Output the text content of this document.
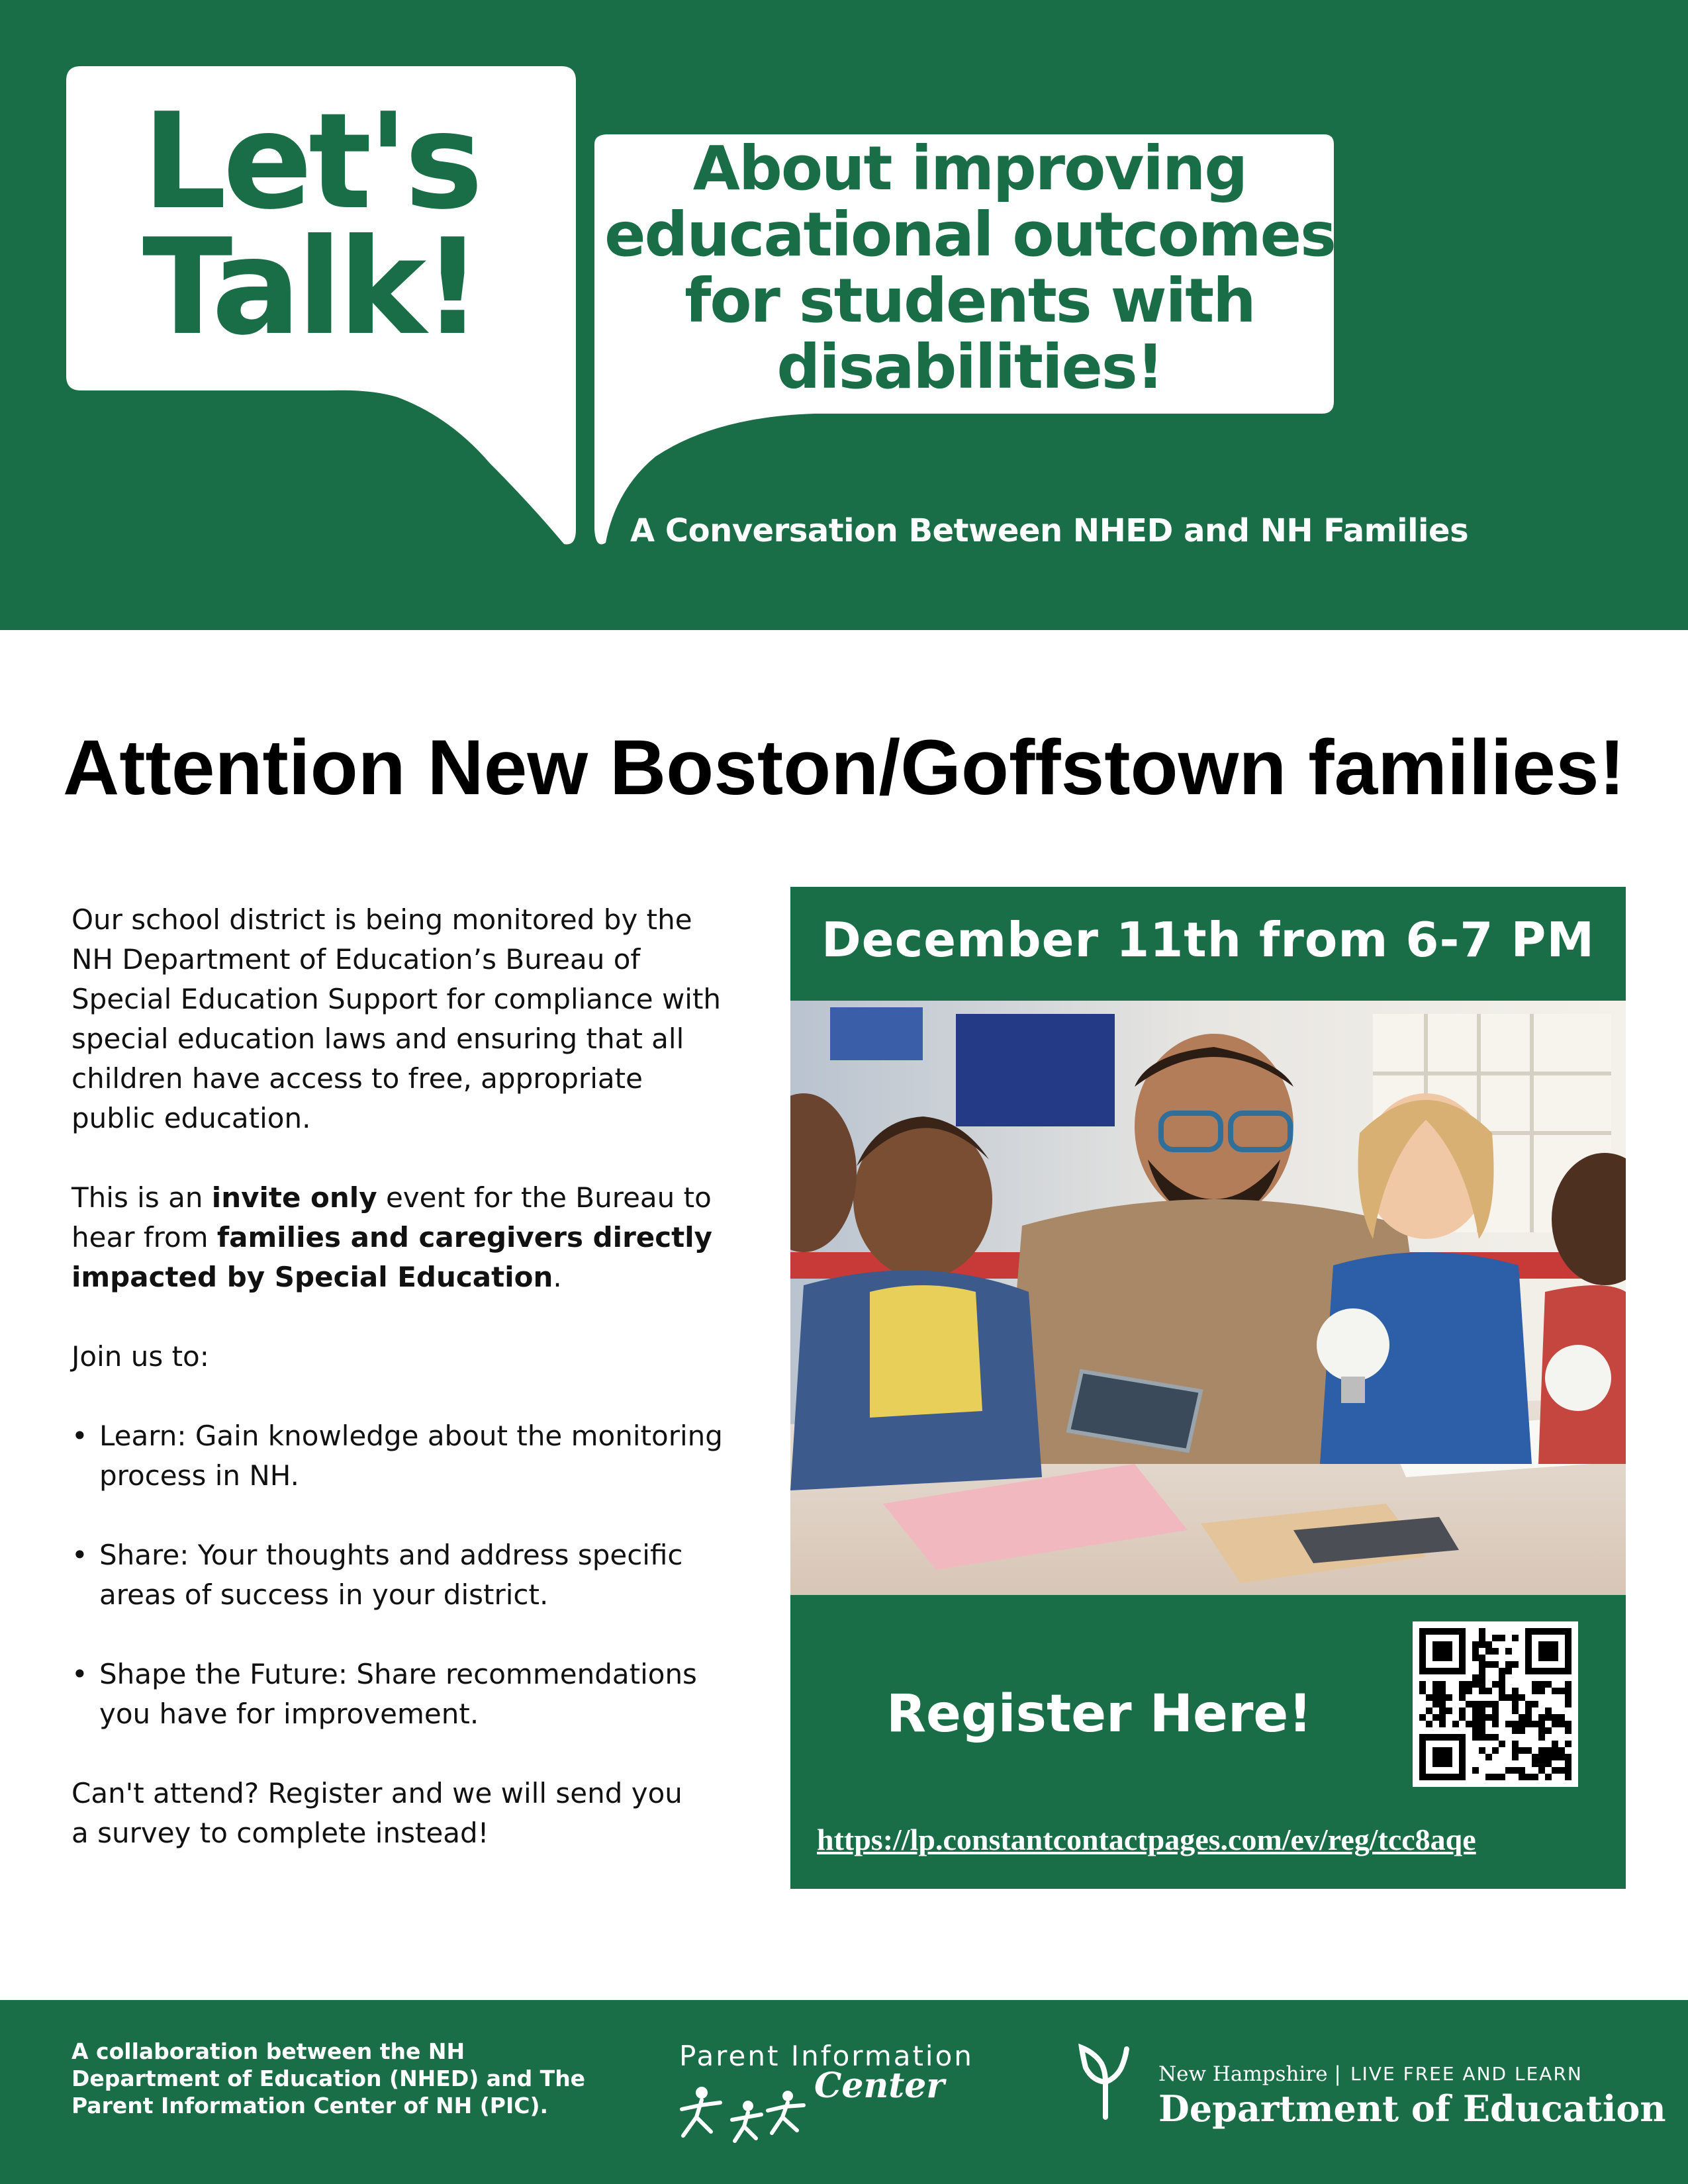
Let's
Talk!
About improving
educational outcomes
for students with
disabilities!
A Conversation Between NHED and NH Families
Attention New Boston/Goffstown families!

Our school district is being monitored by the
NH Department of Education’s Bureau of
Special Education Support for compliance with
special education laws and ensuring that all
children have access to free, appropriate
public education.

This is an invite only event for the Bureau to
hear from families and caregivers directly
impacted by Special Education.

Join us to:

• Learn: Gain knowledge about the monitoring
process in NH.
• Share: Your thoughts and address specific
areas of success in your district.
• Shape the Future: Share recommendations
you have for improvement.

Can't attend? Register and we will send you
a survey to complete instead!

December 11th from 6-7 PM
Register Here!
https://lp.constantcontactpages.com/ev/reg/tcc8aqe
A collaboration between the NH
Department of Education (NHED) and The
Parent Information Center of NH (PIC).
Parent Information
Center	New Hampshire | LIVE FREE AND LEARN
Department of Education
